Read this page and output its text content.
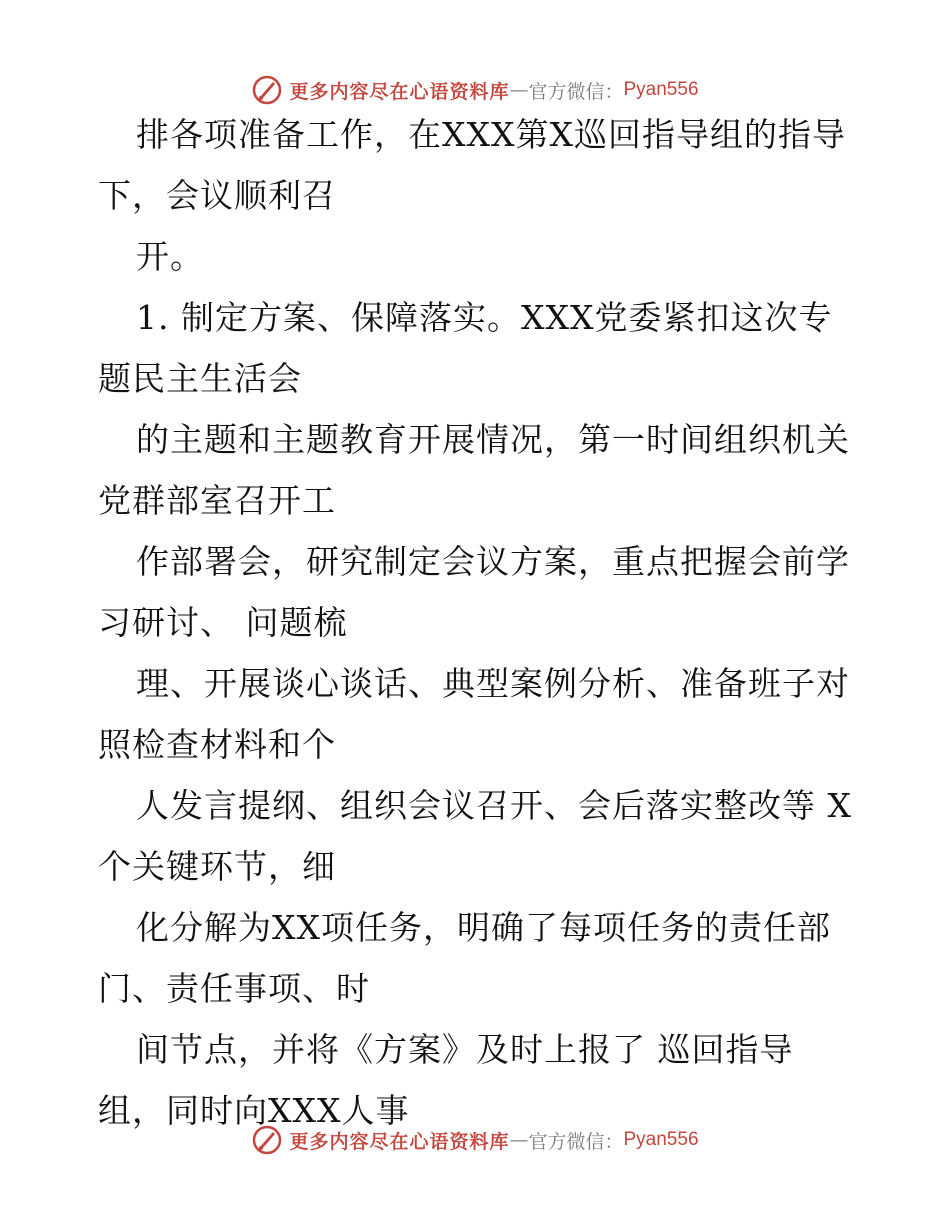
更多内容尽在心语资料库 — 官方微信： Pyan556
排各项准备工作，在XXX第X巡回指导组的指导
下，会议顺利召
开。
1. 制定方案、保障落实。XXX党委紧扣这次专
题民主生活会
的主题和主题教育开展情况，第一时间组织机关
党群部室召开工
作部署会，研究制定会议方案，重点把握会前学
习研讨、 问题梳
理、开展谈心谈话、典型案例分析、准备班子对
照检查材料和个
人发言提纲、组织会议召开、会后落实整改等 X
个关键环节，细
化分解为XX项任务，明确了每项任务的责任部
门、责任事项、时
间节点，并将《方案》及时上报了 巡回指导
组，同时向XXX人事
更多内容尽在心语资料库 — 官方微信： Pyan556
